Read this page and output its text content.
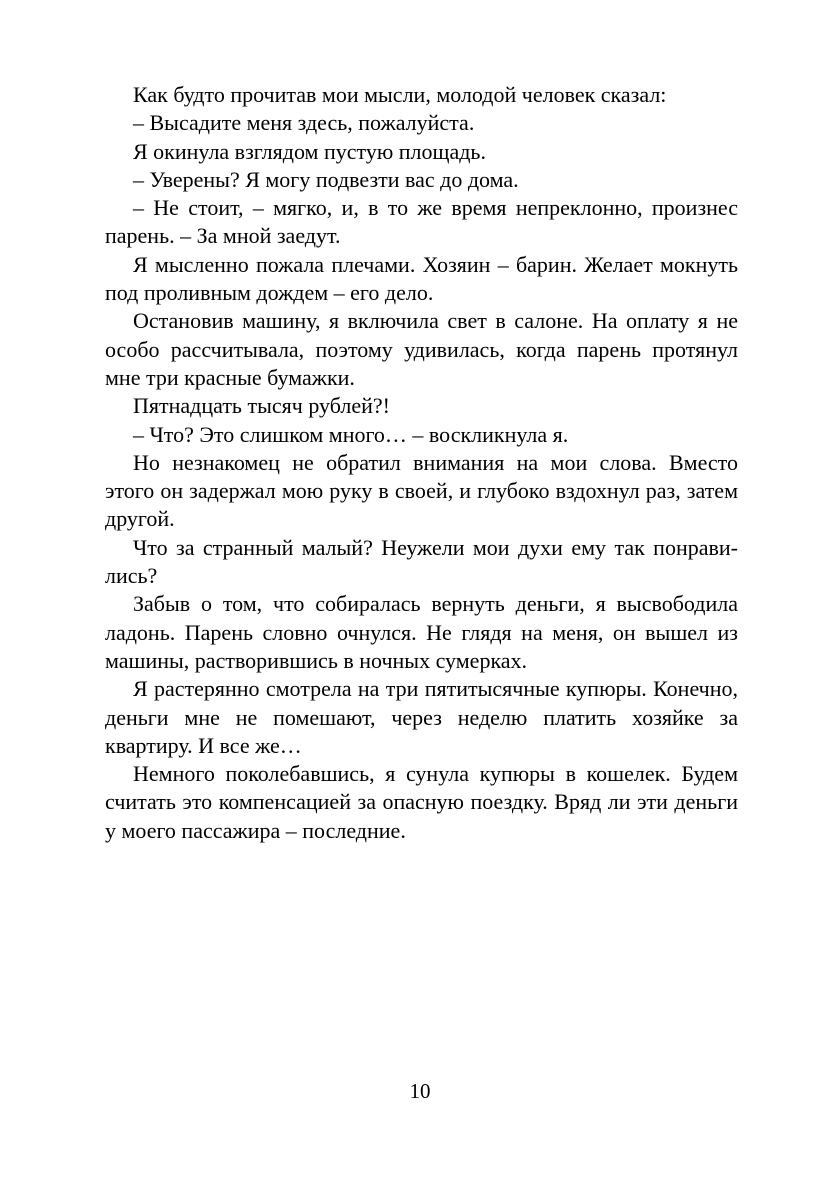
Как будто прочитав мои мысли, молодой человек сказал:

– Высадите меня здесь, пожалуйста.

Я окинула взглядом пустую площадь.

– Уверены? Я могу подвезти вас до дома.

– Не стоит, – мягко, и, в то же время непреклонно, произнес парень. – За мной заедут.

Я мысленно пожала плечами. Хозяин – барин. Желает мокнуть под проливным дождем – его дело.

Остановив машину, я включила свет в салоне. На оплату я не особо рассчитывала, поэтому удивилась, когда парень протянул мне три красные бумажки.

Пятнадцать тысяч рублей?!

– Что? Это слишком много… – воскликнула я.

Но незнакомец не обратил внимания на мои слова. Вместо этого он задержал мою руку в своей, и глубоко вздохнул раз, затем другой.

Что за странный малый? Неужели мои духи ему так понравились?

Забыв о том, что собиралась вернуть деньги, я высвободила ладонь. Парень словно очнулся. Не глядя на меня, он вышел из машины, растворившись в ночных сумерках.

Я растерянно смотрела на три пятитысячные купюры. Конечно, деньги мне не помешают, через неделю платить хозяйке за квартиру. И все же…

Немного поколебавшись, я сунула купюры в кошелек. Будем считать это компенсацией за опасную поездку. Вряд ли эти деньги у моего пассажира – последние.

10
